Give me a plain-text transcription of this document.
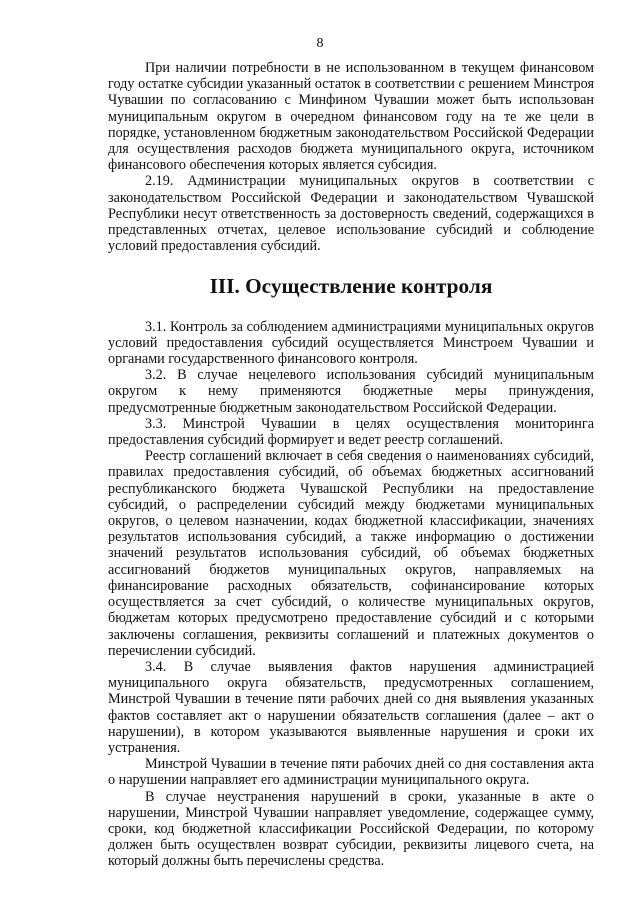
8

При наличии потребности в не использованном в текущем финансовом году остатке субсидии указанный остаток в соответствии с решением Минстроя Чувашии по согласованию с Минфином Чувашии может быть использован муниципальным округом в очередном финансовом году на те же цели в порядке, установленном бюджетным законодательством Российской Федерации для осуществления расходов бюджета муниципального округа, источником финансового обеспечения которых является субсидия.

2.19. Администрации муниципальных округов в соответствии с законодательством Российской Федерации и законодательством Чувашской Республики несут ответственность за достоверность сведений, содержащихся в представленных отчетах, целевое использование субсидий и соблюдение условий предоставления субсидий.

III. Осуществление контроля

3.1. Контроль за соблюдением администрациями муниципальных округов условий предоставления субсидий осуществляется Минстроем Чувашии и органами государственного финансового контроля.

3.2. В случае нецелевого использования субсидий муниципальным округом к нему применяются бюджетные меры принуждения, предусмотренные бюджетным законодательством Российской Федерации.

3.3. Минстрой Чувашии в целях осуществления мониторинга предоставления субсидий формирует и ведет реестр соглашений.

Реестр соглашений включает в себя сведения о наименованиях субсидий, правилах предоставления субсидий, об объемах бюджетных ассигнований республиканского бюджета Чувашской Республики на предоставление субсидий, о распределении субсидий между бюджетами муниципальных округов, о целевом назначении, кодах бюджетной классификации, значениях результатов использования субсидий, а также информацию о достижении значений результатов использования субсидий, об объемах бюджетных ассигнований бюджетов муниципальных округов, направляемых на финансирование расходных обязательств, софинансирование которых осуществляется за счет субсидий, о количестве муниципальных округов, бюджетам которых предусмотрено предоставление субсидий и с которыми заключены соглашения, реквизиты соглашений и платежных документов о перечислении субсидий.

3.4. В случае выявления фактов нарушения администрацией муниципального округа обязательств, предусмотренных соглашением, Минстрой Чувашии в течение пяти рабочих дней со дня выявления указанных фактов составляет акт о нарушении обязательств соглашения (далее – акт о нарушении), в котором указываются выявленные нарушения и сроки их устранения.

Минстрой Чувашии в течение пяти рабочих дней со дня составления акта о нарушении направляет его администрации муниципального округа.

В случае неустранения нарушений в сроки, указанные в акте о нарушении, Минстрой Чувашии направляет уведомление, содержащее сумму, сроки, код бюджетной классификации Российской Федерации, по которому должен быть осуществлен возврат субсидии, реквизиты лицевого счета, на который должны быть перечислены средства.
